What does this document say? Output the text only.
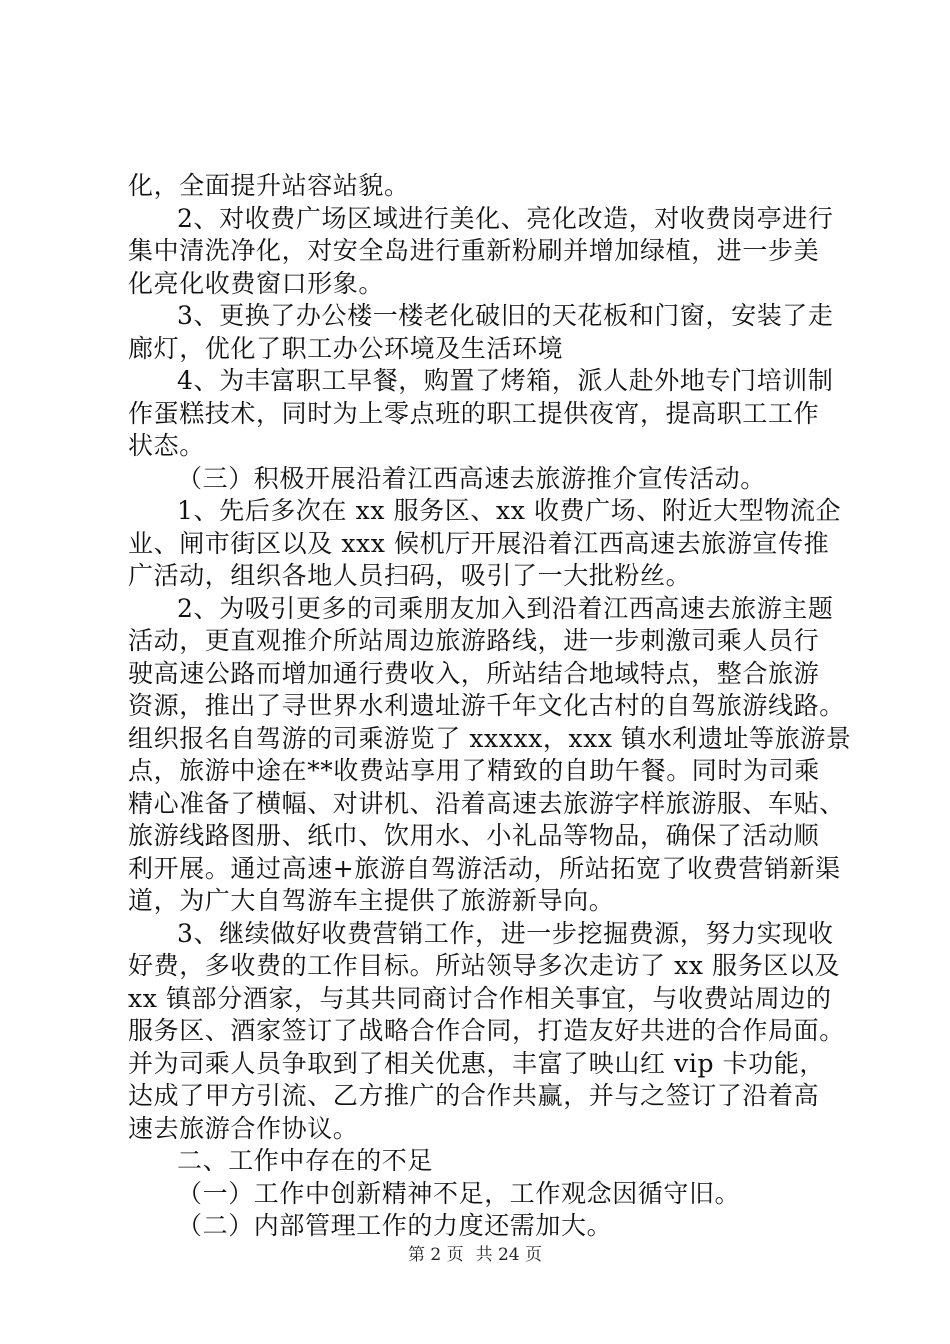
化，全面提升站容站貌。
2、对收费广场区域进行美化、亮化改造，对收费岗亭进行
集中清洗净化，对安全岛进行重新粉刷并增加绿植，进一步美
化亮化收费窗口形象。
3、更换了办公楼一楼老化破旧的天花板和门窗，安装了走
廊灯，优化了职工办公环境及生活环境
4、为丰富职工早餐，购置了烤箱，派人赴外地专门培训制
作蛋糕技术，同时为上零点班的职工提供夜宵，提高职工工作
状态。
（三）积极开展沿着江西高速去旅游推介宣传活动。
1、先后多次在 xx 服务区、xx 收费广场、附近大型物流企
业、闸市街区以及 xxx 候机厅开展沿着江西高速去旅游宣传推
广活动，组织各地人员扫码，吸引了一大批粉丝。
2、为吸引更多的司乘朋友加入到沿着江西高速去旅游主题
活动，更直观推介所站周边旅游路线，进一步刺激司乘人员行
驶高速公路而增加通行费收入，所站结合地域特点，整合旅游
资源，推出了寻世界水利遗址游千年文化古村的自驾旅游线路。
组织报名自驾游的司乘游览了 xxxxx，xxx 镇水利遗址等旅游景
点，旅游中途在**收费站享用了精致的自助午餐。同时为司乘
精心准备了横幅、对讲机、沿着高速去旅游字样旅游服、车贴、
旅游线路图册、纸巾、饮用水、小礼品等物品，确保了活动顺
利开展。通过高速+旅游自驾游活动，所站拓宽了收费营销新渠
道，为广大自驾游车主提供了旅游新导向。
3、继续做好收费营销工作，进一步挖掘费源，努力实现收
好费，多收费的工作目标。所站领导多次走访了 xx 服务区以及
xx 镇部分酒家，与其共同商讨合作相关事宜，与收费站周边的
服务区、酒家签订了战略合作合同，打造友好共进的合作局面。
并为司乘人员争取到了相关优惠，丰富了映山红 vip 卡功能，
达成了甲方引流、乙方推广的合作共赢，并与之签订了沿着高
速去旅游合作协议。
二、工作中存在的不足
（一）工作中创新精神不足，工作观念因循守旧。
（二）内部管理工作的力度还需加大。
第 2 页 共 24 页
